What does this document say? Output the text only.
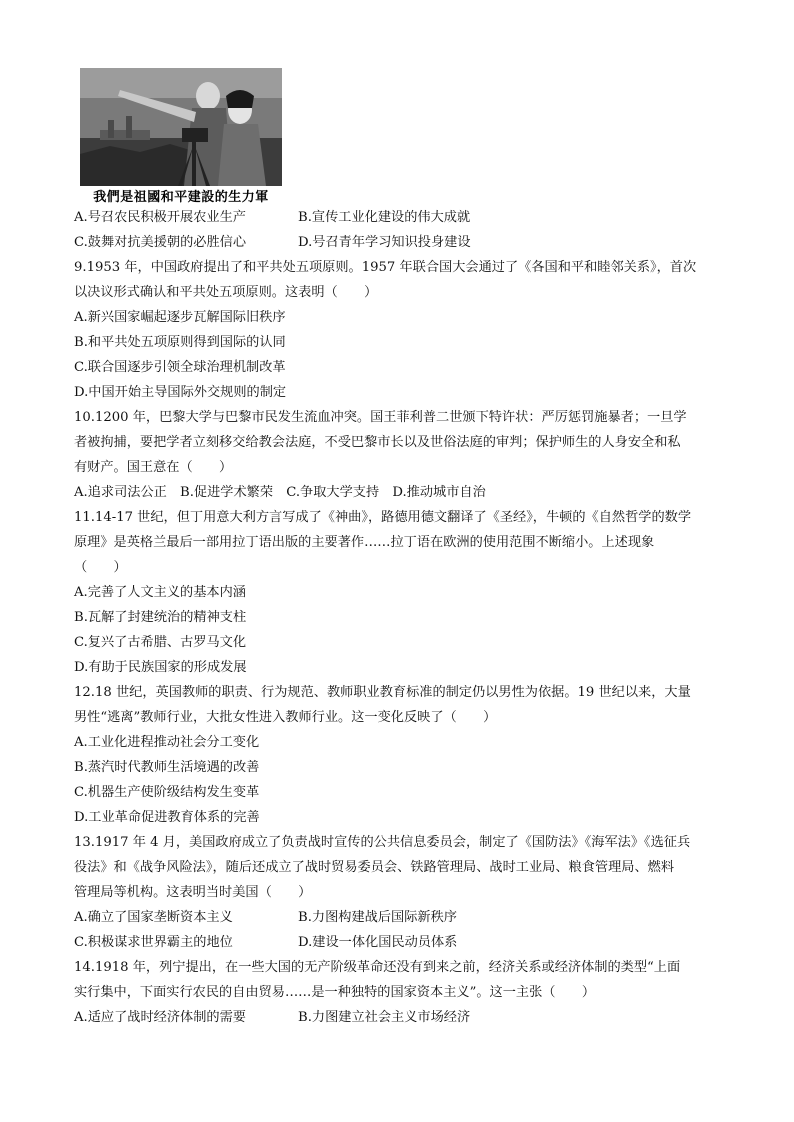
我們是祖國和平建設的生力軍
A.号召农民积极开展农业生产	B.宣传工业化建设的伟大成就
C.鼓舞对抗美援朝的必胜信心	D.号召青年学习知识投身建设
9.1953 年，中国政府提出了和平共处五项原则。1957 年联合国大会通过了《各国和平和睦邻关系》，首次
以决议形式确认和平共处五项原则。这表明（　　）
A.新兴国家崛起逐步瓦解国际旧秩序
B.和平共处五项原则得到国际的认同
C.联合国逐步引领全球治理机制改革
D.中国开始主导国际外交规则的制定
10.1200 年，巴黎大学与巴黎市民发生流血冲突。国王菲利普二世颁下特许状：严厉惩罚施暴者；一旦学
者被拘捕，要把学者立刻移交给教会法庭，不受巴黎市长以及世俗法庭的审判；保护师生的人身安全和私
有财产。国王意在（　　）
A.追求司法公正　B.促进学术繁荣　C.争取大学支持　D.推动城市自治
11.14-17 世纪，但丁用意大利方言写成了《神曲》，路德用德文翻译了《圣经》，牛顿的《自然哲学的数学
原理》是英格兰最后一部用拉丁语出版的主要著作……拉丁语在欧洲的使用范围不断缩小。上述现象
（　　）
A.完善了人文主义的基本内涵
B.瓦解了封建统治的精神支柱
C.复兴了古希腊、古罗马文化
D.有助于民族国家的形成发展
12.18 世纪，英国教师的职责、行为规范、教师职业教育标准的制定仍以男性为依据。19 世纪以来，大量
男性“逃离”教师行业，大批女性进入教师行业。这一变化反映了（　　）
A.工业化进程推动社会分工变化
B.蒸汽时代教师生活境遇的改善
C.机器生产使阶级结构发生变革
D.工业革命促进教育体系的完善
13.1917 年 4 月，美国政府成立了负责战时宣传的公共信息委员会，制定了《国防法》《海军法》《选征兵
役法》和《战争风险法》，随后还成立了战时贸易委员会、铁路管理局、战时工业局、粮食管理局、燃料
管理局等机构。这表明当时美国（　　）
A.确立了国家垄断资本主义	B.力图构建战后国际新秩序
C.积极谋求世界霸主的地位	D.建设一体化国民动员体系
14.1918 年，列宁提出，在一些大国的无产阶级革命还没有到来之前，经济关系或经济体制的类型“上面
实行集中，下面实行农民的自由贸易……是一种独特的国家资本主义”。这一主张（　　）
A.适应了战时经济体制的需要	B.力图建立社会主义市场经济
